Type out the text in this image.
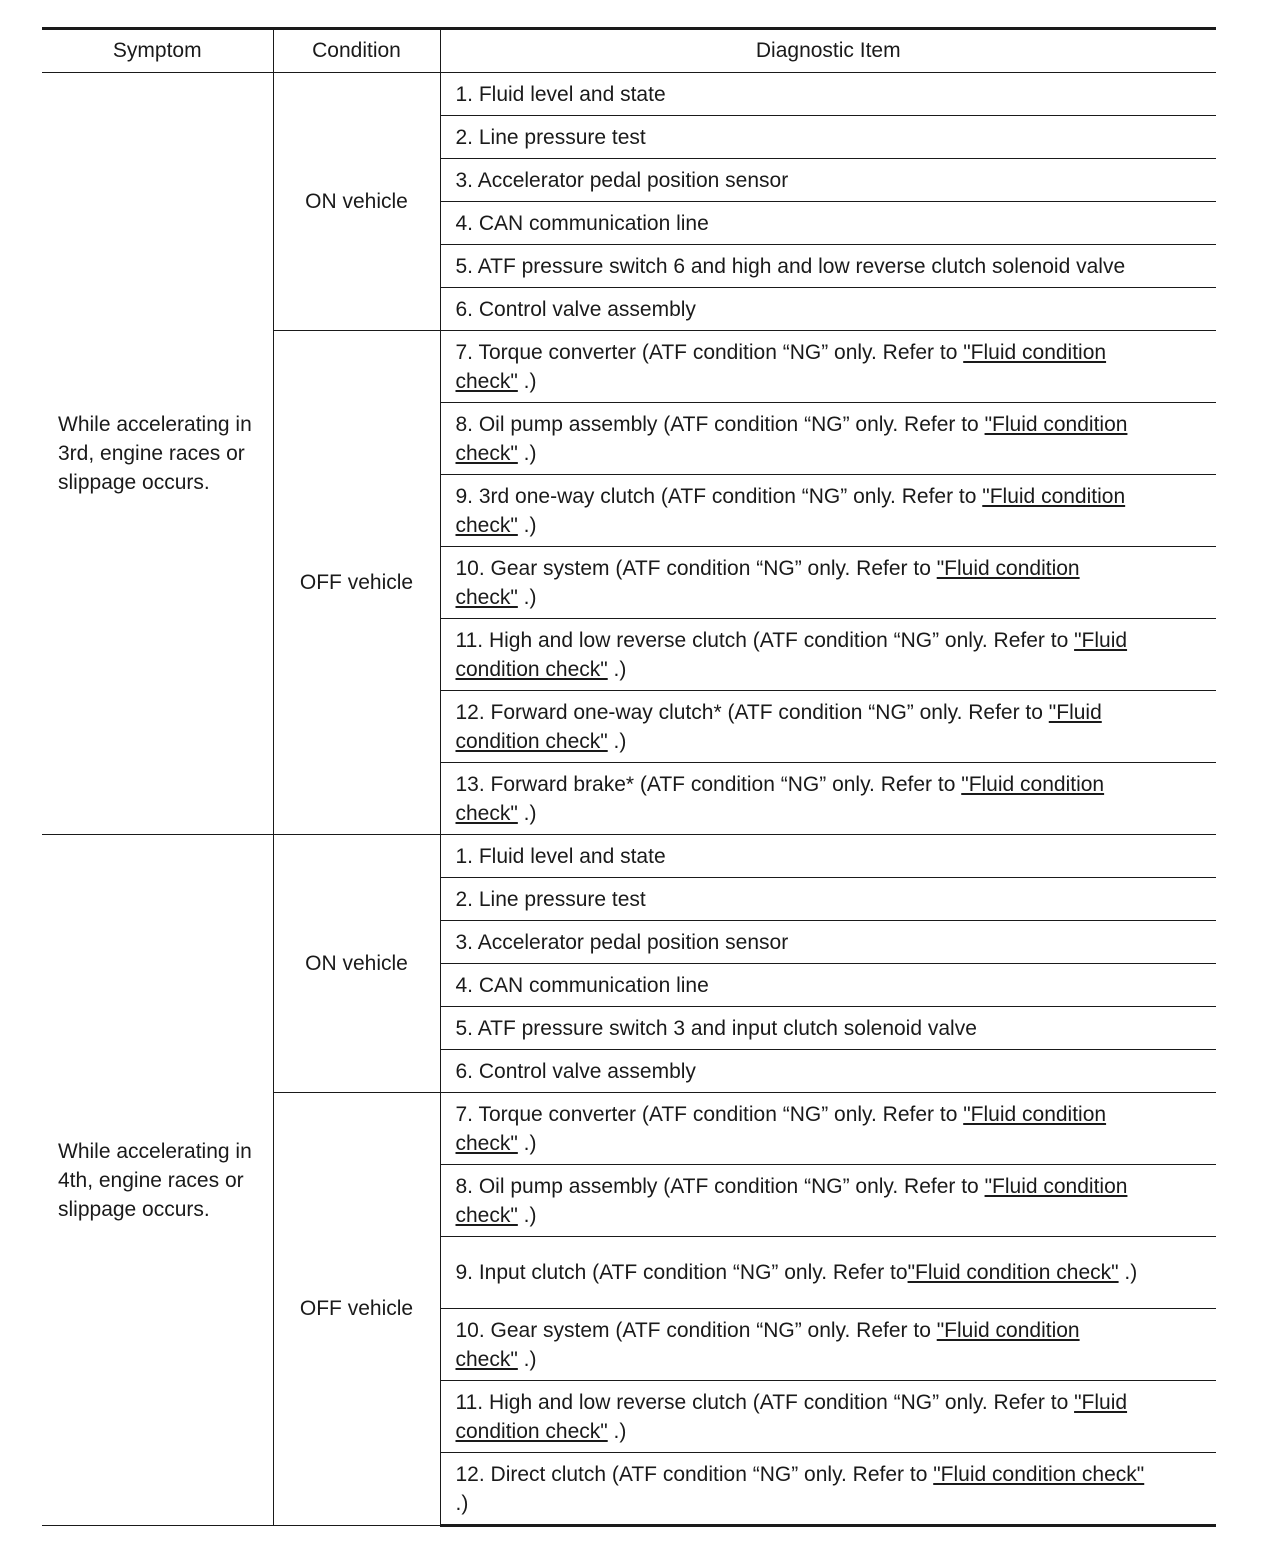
Symptom	Condition	Diagnostic Item

While accelerating in 3rd, engine races or slippage occurs.	ON vehicle	1. Fluid level and state
		2. Line pressure test
		3. Accelerator pedal position sensor
		4. CAN communication line
		5. ATF pressure switch 6 and high and low reverse clutch solenoid valve
		6. Control valve assembly
	OFF vehicle	7. Torque converter (ATF condition “NG” only. Refer to "Fluid condition check" .)

		8. Oil pump assembly (ATF condition “NG” only. Refer to "Fluid condition check" .)

		9. 3rd one-way clutch (ATF condition “NG” only. Refer to "Fluid condition check" .)

		10. Gear system (ATF condition “NG” only. Refer to "Fluid condition check" .)

		11. High and low reverse clutch (ATF condition “NG” only. Refer to "Fluid condition check" .)

		12. Forward one-way clutch* (ATF condition “NG” only. Refer to "Fluid condition check" .)

		13. Forward brake* (ATF condition “NG” only. Refer to "Fluid condition check" .)

While accelerating in 4th, engine races or slippage occurs.	ON vehicle	1. Fluid level and state
		2. Line pressure test
		3. Accelerator pedal position sensor
		4. CAN communication line
		5. ATF pressure switch 3 and input clutch solenoid valve
		6. Control valve assembly
	OFF vehicle	7. Torque converter (ATF condition “NG” only. Refer to "Fluid condition check" .)

		8. Oil pump assembly (ATF condition “NG” only. Refer to "Fluid condition check" .)

		9. Input clutch (ATF condition “NG” only. Refer to"Fluid condition check" .)

		10. Gear system (ATF condition “NG” only. Refer to "Fluid condition check" .)

		11. High and low reverse clutch (ATF condition “NG” only. Refer to "Fluid condition check" .)

		12. Direct clutch (ATF condition “NG” only. Refer to "Fluid condition check" .)
